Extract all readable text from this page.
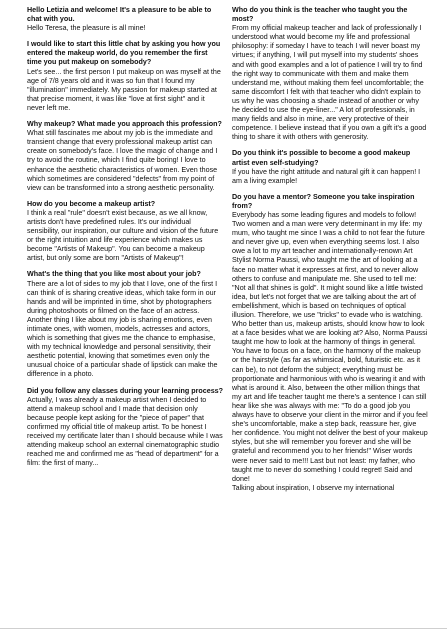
Hello Letizia and welcome! It's a pleasure to be able to chat with you.

Hello Teresa, the pleasure is all mine!

I would like to start this little chat by asking you how you entered the makeup world, do you remember the first time you put makeup on somebody?

Let's see... the first person I put makeup on was myself at the age of 7/8 years old and it was so fun that I found my "illumination" immediately. My passion for makeup started at that precise moment, it was like "love at first sight" and it never left me.

Why makeup? What made you approach this profession?

What still fascinates me about my job is the immediate and transient change that every professional makeup artist can create on somebody's face. I love the magic of change and I try to avoid the routine, which I find quite boring! I love to enhance the aesthetic characteristics of women. Even those which sometimes are considered "defects" from my point of view can be transformed into a strong aesthetic personality.

How do you become a makeup artist?

I think a real "rule" doesn't exist because, as we all know, artists don't have predefined rules. It's our individual sensibility, our inspiration, our culture and vision of the future or the right intuition and life experience which makes us become "Artists of Makeup". You can become a makeup artist, but only some are born "Artists of Makeup"!

What's the thing that you like most about your job?

There are a lot of sides to my job that I love, one of the first I can think of is sharing creative ideas, which take form in our hands and will be imprinted in time, shot by photographers during photoshoots or filmed on the face of an actress. Another thing I like about my job is sharing emotions, even intimate ones, with women, models, actresses and actors, which is something that gives me the chance to emphasise, with my technical knowledge and personal sensitivity, their aesthetic potential, knowing that sometimes even only the unusual choice of a particular shade of lipstick can make the difference in a photo.

Did you follow any classes during your learning process?

Actually, I was already a makeup artist when I decided to attend a makeup school and I made that decision only because people kept asking for the "piece of paper" that confirmed my official title of makeup artist. To be honest I received my certificate later than I should because while I was attending makeup school an external cinematographic studio reached me and confirmed me as "head of department" for a film: the first of many...

Who do you think is the teacher who taught you the most?

From my official makeup teacher and lack of professionally I understood what would become my life and professional philosophy: if someday I have to teach I will never boast my virtues; if anything, I will put myself into my students' shoes and with good examples and a lot of patience I will try to find the right way to communicate with them and make them understand me, without making them feel uncomfortable; the same discomfort I felt with that teacher who didn't explain to us why he was choosing a shade instead of another or why he decided to use the eye-liner..." A lot of professionals, in many fields and also in mine, are very protective of their competence. I believe instead that if you own a gift it's a good thing to share it with others with generosity.

Do you think it's possible to become a good makeup artist even self-studying?

If you have the right attitude and natural gift it can happen! I am a living example!

Do you have a mentor? Someone you take inspiration from?

Everybody has some leading figures and models to follow! Two women and a man were very determinant in my life: my mum, who taught me since I was a child to not fear the future and never give up, even when everything seems lost. I also owe a lot to my art teacher and internationally-renown Art Stylist Norma Paussi, who taught me the art of looking at a face no matter what it expresses at first, and to never allow others to confuse and manipulate me. She used to tell me: "Not all that shines is gold". It might sound like a little twisted idea, but let's not forget that we are talking about the art of embellishment, which is based on techniques of optical illusion. Therefore, we use "tricks" to evade who is watching. Who better than us, makeup artists, should know how to look at a face besides what we are looking at? Also, Norma Paussi taught me how to look at the harmony of things in general. You have to focus on a face, on the harmony of the makeup or the hairstyle (as far as whimsical, bold, futuristic etc. as it can be), to not deform the subject; everything must be proportionate and harmonious with who is wearing it and with what is around it. Also, between the other million things that my art and life teacher taught me there's a sentence I can still hear like she was always with me: "To do a good job you always have to observe your client in the mirror and if you feel she's uncomfortable, make a step back, reassure her, give her confidence. You might not deliver the best of your makeup styles, but she will remember you forever and she will be grateful and recommend you to her friends!" Wiser words were never said to me!!! Last but not least: my father, who taught me to never do something I could regret! Said and done!

Talking about inspiration, I observe my international
